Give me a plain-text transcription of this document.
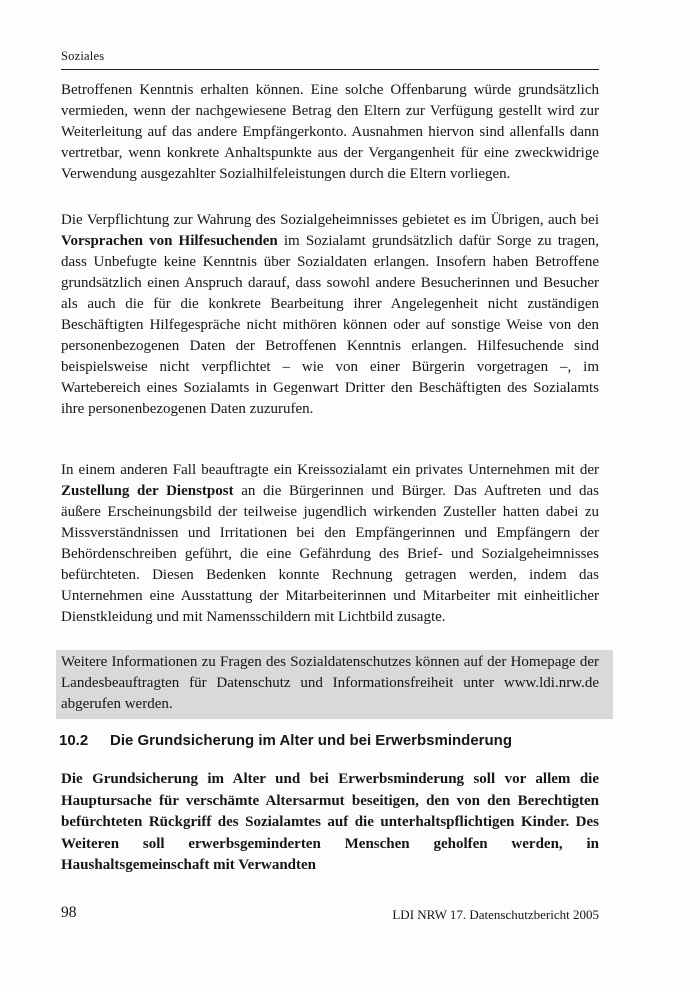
Soziales

Betroffenen Kenntnis erhalten können. Eine solche Offenbarung würde grundsätzlich vermieden, wenn der nachgewiesene Betrag den Eltern zur Verfügung gestellt wird zur Weiterleitung auf das andere Empfängerkonto. Ausnahmen hiervon sind allenfalls dann vertretbar, wenn konkrete Anhaltspunkte aus der Vergangenheit für eine zweckwidrige Verwendung ausgezahlter Sozialhilfeleistungen durch die Eltern vorliegen.

Die Verpflichtung zur Wahrung des Sozialgeheimnisses gebietet es im Übrigen, auch bei Vorsprachen von Hilfesuchenden im Sozialamt grundsätzlich dafür Sorge zu tragen, dass Unbefugte keine Kenntnis über Sozialdaten erlangen. Insofern haben Betroffene grundsätzlich einen Anspruch darauf, dass sowohl andere Besucherinnen und Besucher als auch die für die konkrete Bearbeitung ihrer Angelegenheit nicht zuständigen Beschäftigten Hilfegespräche nicht mithören können oder auf sonstige Weise von den personenbezogenen Daten der Betroffenen Kenntnis erlangen. Hilfesuchende sind beispielsweise nicht verpflichtet – wie von einer Bürgerin vorgetragen –, im Wartebereich eines Sozialamts in Gegenwart Dritter den Beschäftigten des Sozialamts ihre personenbezogenen Daten zuzurufen.

In einem anderen Fall beauftragte ein Kreissozialamt ein privates Unternehmen mit der Zustellung der Dienstpost an die Bürgerinnen und Bürger. Das Auftreten und das äußere Erscheinungsbild der teilweise jugendlich wirkenden Zusteller hatten dabei zu Missverständnissen und Irritationen bei den Empfängerinnen und Empfängern der Behördenschreiben geführt, die eine Gefährdung des Brief- und Sozialgeheimnisses befürchteten. Diesen Bedenken konnte Rechnung getragen werden, indem das Unternehmen eine Ausstattung der Mitarbeiterinnen und Mitarbeiter mit einheitlicher Dienstkleidung und mit Namensschildern mit Lichtbild zusagte.

Weitere Informationen zu Fragen des Sozialdatenschutzes können auf der Homepage der Landesbeauftragten für Datenschutz und Informationsfreiheit unter www.ldi.nrw.de abgerufen werden.
10.2 Die Grundsicherung im Alter und bei Erwerbsminderung

Die Grundsicherung im Alter und bei Erwerbsminderung soll vor allem die Hauptursache für verschämte Altersarmut beseitigen, den von den Berechtigten befürchteten Rückgriff des Sozialamtes auf die unterhaltspflichtigen Kinder. Des Weiteren soll erwerbsgeminderten Menschen geholfen werden, in Haushaltsgemeinschaft mit Verwandten

98	LDI NRW 17. Datenschutzbericht 2005
